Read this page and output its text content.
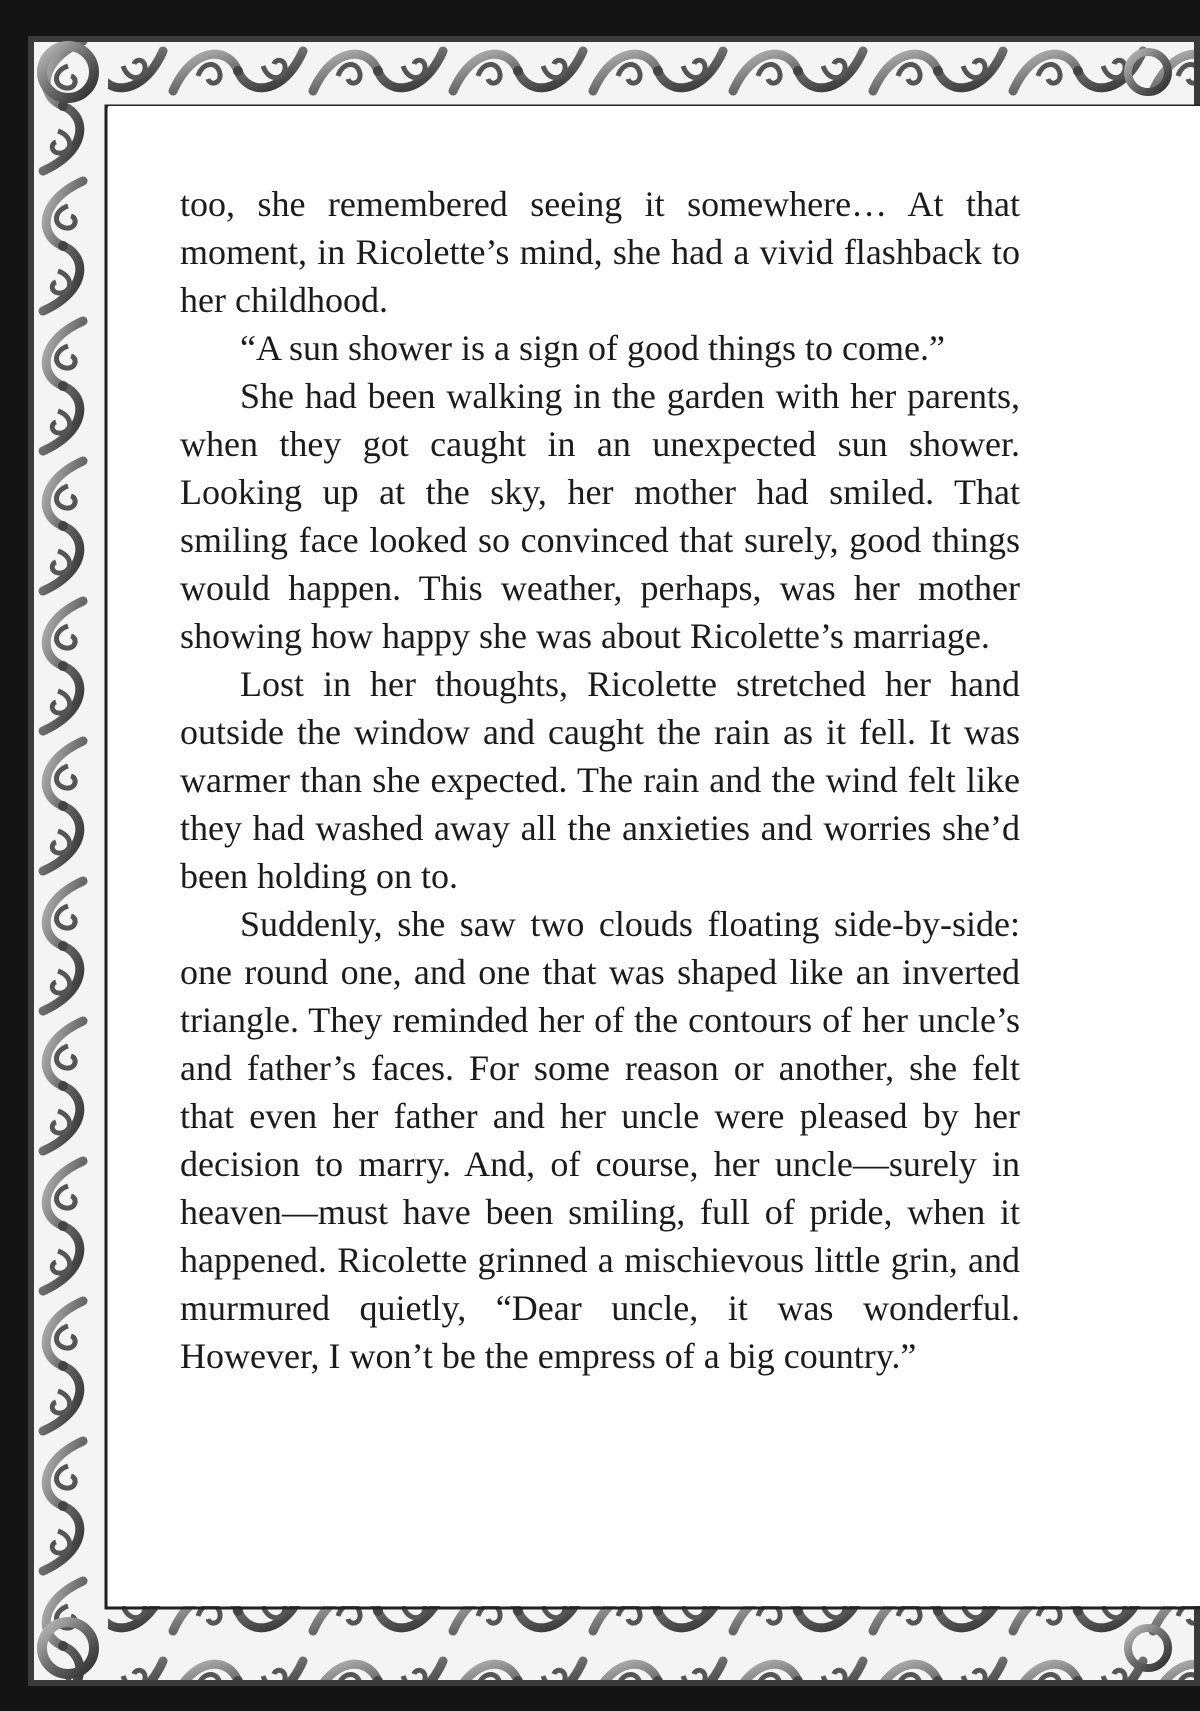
too, she remembered seeing it somewhere… At that moment, in Ricolette’s mind, she had a vivid flashback to her childhood.

“A sun shower is a sign of good things to come.”

She had been walking in the garden with her parents, when they got caught in an unexpected sun shower. Looking up at the sky, her mother had smiled. That smiling face looked so convinced that surely, good things would happen. This weather, perhaps, was her mother showing how happy she was about Ricolette’s marriage.

Lost in her thoughts, Ricolette stretched her hand outside the window and caught the rain as it fell. It was warmer than she expected. The rain and the wind felt like they had washed away all the anxieties and worries she’d been holding on to.

Suddenly, she saw two clouds floating side-by-side: one round one, and one that was shaped like an inverted triangle. They reminded her of the contours of her uncle’s and father’s faces. For some reason or another, she felt that even her father and her uncle were pleased by her decision to marry. And, of course, her uncle—surely in heaven—must have been smiling, full of pride, when it happened. Ricolette grinned a mischievous little grin, and murmured quietly, “Dear uncle, it was wonderful. However, I won’t be the empress of a big country.”
